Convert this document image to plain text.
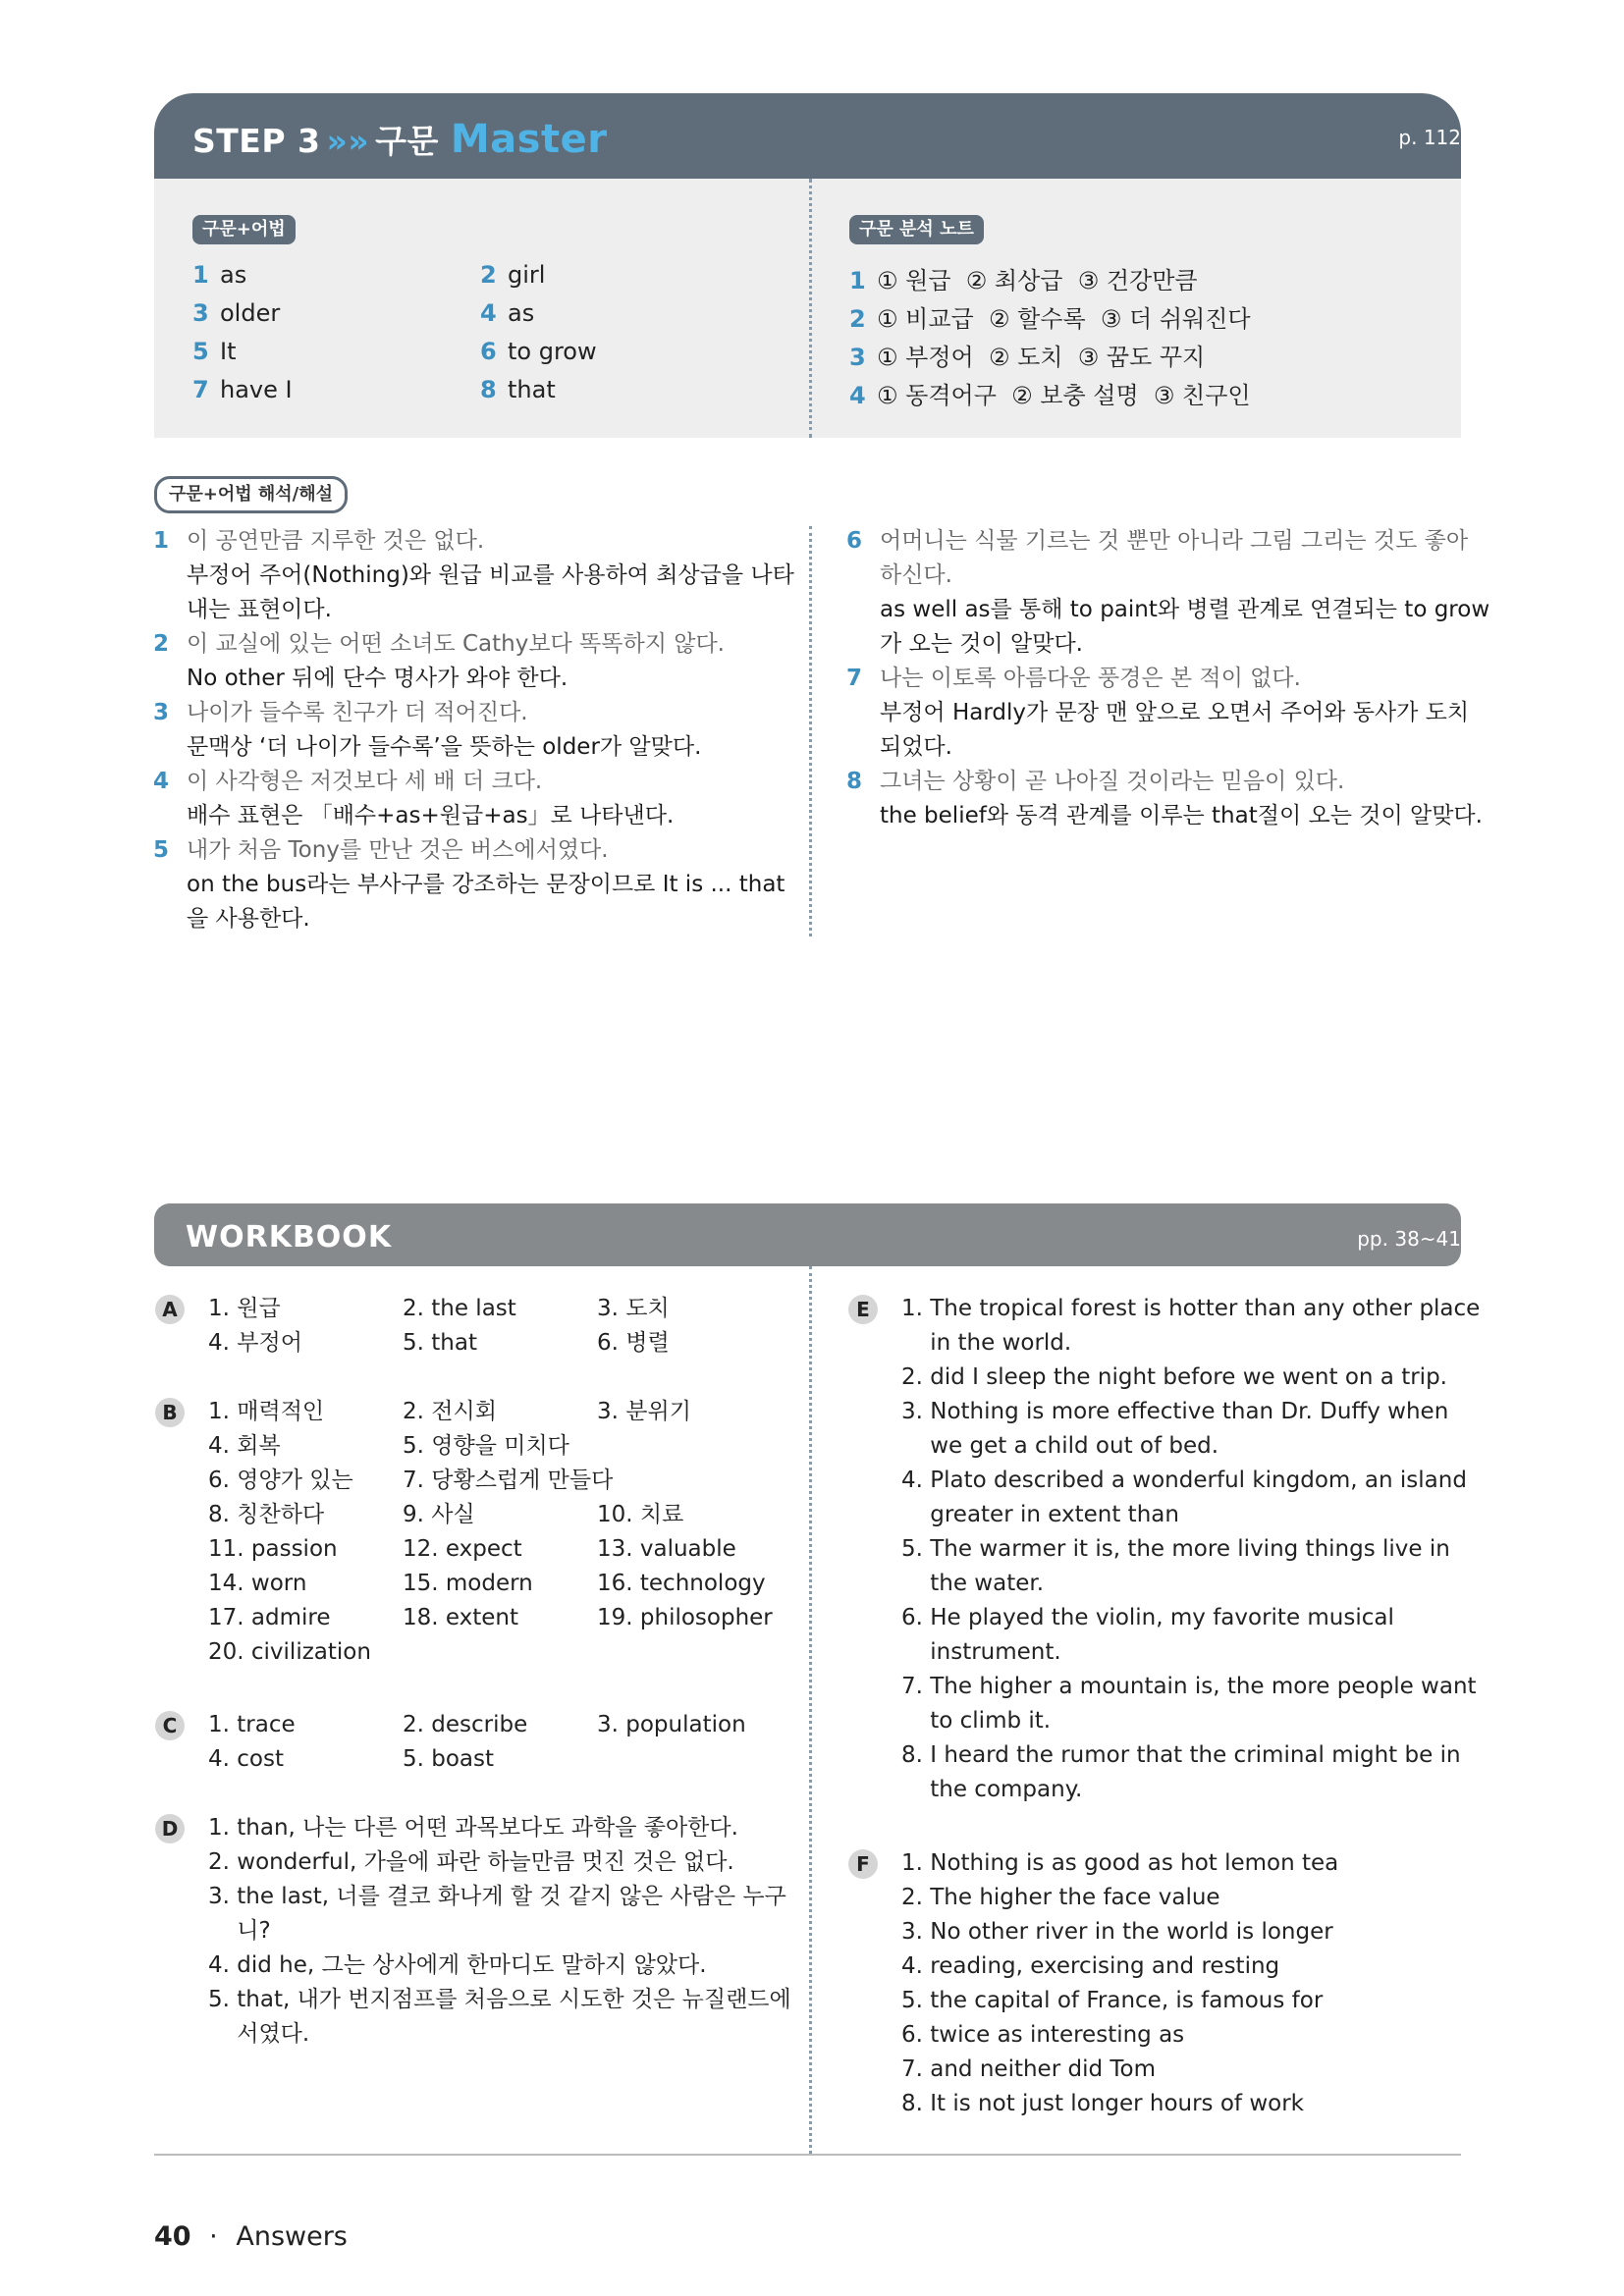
STEP 3 »» 구문 Master	p. 112
구문+어법	구문 분석 노트
1 as	2 girl
3 older	4 as
5 It	6 to grow
7 have I	8 that
1 ① 원급  ② 최상급  ③ 건강만큼
2 ① 비교급  ② 할수록  ③ 더 쉬워진다
3 ① 부정어  ② 도치  ③ 꿈도 꾸지
4 ① 동격어구  ② 보충 설명  ③ 친구인
구문+어법 해석/해설
1 이 공연만큼 지루한 것은 없다.
부정어 주어(Nothing)와 원급 비교를 사용하여 최상급을 나타
내는 표현이다.
2 이 교실에 있는 어떤 소녀도 Cathy보다 똑똑하지 않다.
No other 뒤에 단수 명사가 와야 한다.
3 나이가 들수록 친구가 더 적어진다.
문맥상 ‘더 나이가 들수록’을 뜻하는 older가 알맞다.
4 이 사각형은 저것보다 세 배 더 크다.
배수 표현은 「배수+as+원급+as」로 나타낸다.
5 내가 처음 Tony를 만난 것은 버스에서였다.
on the bus라는 부사구를 강조하는 문장이므로 It is ... that
을 사용한다.
6 어머니는 식물 기르는 것 뿐만 아니라 그림 그리는 것도 좋아
하신다.
as well as를 통해 to paint와 병렬 관계로 연결되는 to grow
가 오는 것이 알맞다.
7 나는 이토록 아름다운 풍경은 본 적이 없다.
부정어 Hardly가 문장 맨 앞으로 오면서 주어와 동사가 도치
되었다.
8 그녀는 상황이 곧 나아질 것이라는 믿음이 있다.
the belief와 동격 관계를 이루는 that절이 오는 것이 알맞다.
WORKBOOK	pp. 38~41
A	1. 원급	2. the last	3. 도치
4. 부정어	5. that	6. 병렬
B	1. 매력적인	2. 전시회	3. 분위기
4. 회복	5. 영향을 미치다
6. 영양가 있는 7. 당황스럽게 만들다
8. 칭찬하다	9. 사실	10. 치료
11. passion	12. expect	13. valuable
14. worn	15. modern	16. technology
17. admire	18. extent	19. philosopher
20. civilization
C	1. trace	2. describe	3. population
4. cost	5. boast
D 1. than, 나는 다른 어떤 과목보다도 과학을 좋아한다.
2. wonderful, 가을에 파란 하늘만큼 멋진 것은 없다.
3. the last, 너를 결코 화나게 할 것 같지 않은 사람은 누구
니?
4. did he, 그는 상사에게 한마디도 말하지 않았다.
5. that, 내가 번지점프를 처음으로 시도한 것은 뉴질랜드에
서였다.
E	1. The tropical forest is hotter than any other place
in the world.
2. did I sleep the night before we went on a trip.
3. Nothing is more effective than Dr. Duffy when
we get a child out of bed.
4. Plato described a wonderful kingdom, an island
greater in extent than
5. The warmer it is, the more living things live in
the water.
6. He played the violin, my favorite musical
instrument.
7. The higher a mountain is, the more people want
to climb it.
8. I heard the rumor that the criminal might be in
the company.
F	1. Nothing is as good as hot lemon tea
2. The higher the face value
3. No other river in the world is longer
4. reading, exercising and resting
5. the capital of France, is famous for
6. twice as interesting as
7. and neither did Tom
8. It is not just longer hours of work
40 · Answers
